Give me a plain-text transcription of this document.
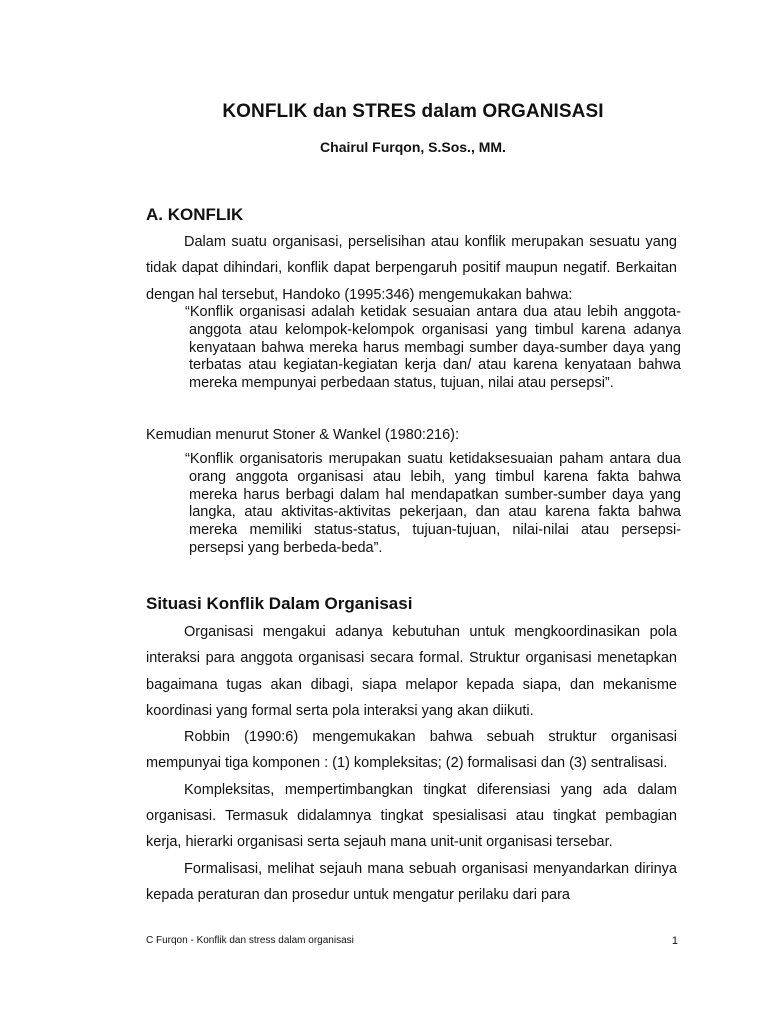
KONFLIK dan STRES dalam ORGANISASI
Chairul Furqon, S.Sos., MM.
A. KONFLIK

Dalam suatu organisasi, perselisihan atau konflik merupakan sesuatu yang tidak dapat dihindari, konflik dapat berpengaruh positif maupun negatif. Berkaitan dengan hal tersebut, Handoko (1995:346) mengemukakan bahwa:

“Konflik organisasi adalah ketidak sesuaian antara dua atau lebih anggota-anggota atau kelompok-kelompok organisasi yang timbul karena adanya kenyataan bahwa mereka harus membagi sumber daya-sumber daya yang terbatas atau kegiatan-kegiatan kerja dan/ atau karena kenyataan bahwa mereka mempunyai perbedaan status, tujuan, nilai atau persepsi”.
Kemudian menurut Stoner & Wankel (1980:216):
“Konflik organisatoris merupakan suatu ketidaksesuaian paham antara dua orang anggota organisasi atau lebih, yang timbul karena fakta bahwa mereka harus berbagi dalam hal mendapatkan sumber-sumber daya yang langka, atau aktivitas-aktivitas pekerjaan, dan atau karena fakta bahwa mereka memiliki status-status, tujuan-tujuan, nilai-nilai atau persepsi-persepsi yang berbeda-beda”.
Situasi Konflik Dalam Organisasi

Organisasi mengakui adanya kebutuhan untuk mengkoordinasikan pola interaksi para anggota organisasi secara formal. Struktur organisasi menetapkan bagaimana tugas akan dibagi, siapa melapor kepada siapa, dan mekanisme koordinasi yang formal serta pola interaksi yang akan diikuti.

Robbin (1990:6) mengemukakan bahwa sebuah struktur organisasi mempunyai tiga komponen : (1) kompleksitas; (2) formalisasi dan (3) sentralisasi.

Kompleksitas, mempertimbangkan tingkat diferensiasi yang ada dalam organisasi. Termasuk didalamnya tingkat spesialisasi atau tingkat pembagian kerja, hierarki organisasi serta sejauh mana unit-unit organisasi tersebar.

Formalisasi, melihat sejauh mana sebuah organisasi menyandarkan dirinya kepada peraturan dan prosedur untuk mengatur perilaku dari para

C Furqon - Konflik dan stress dalam organisasi	1
